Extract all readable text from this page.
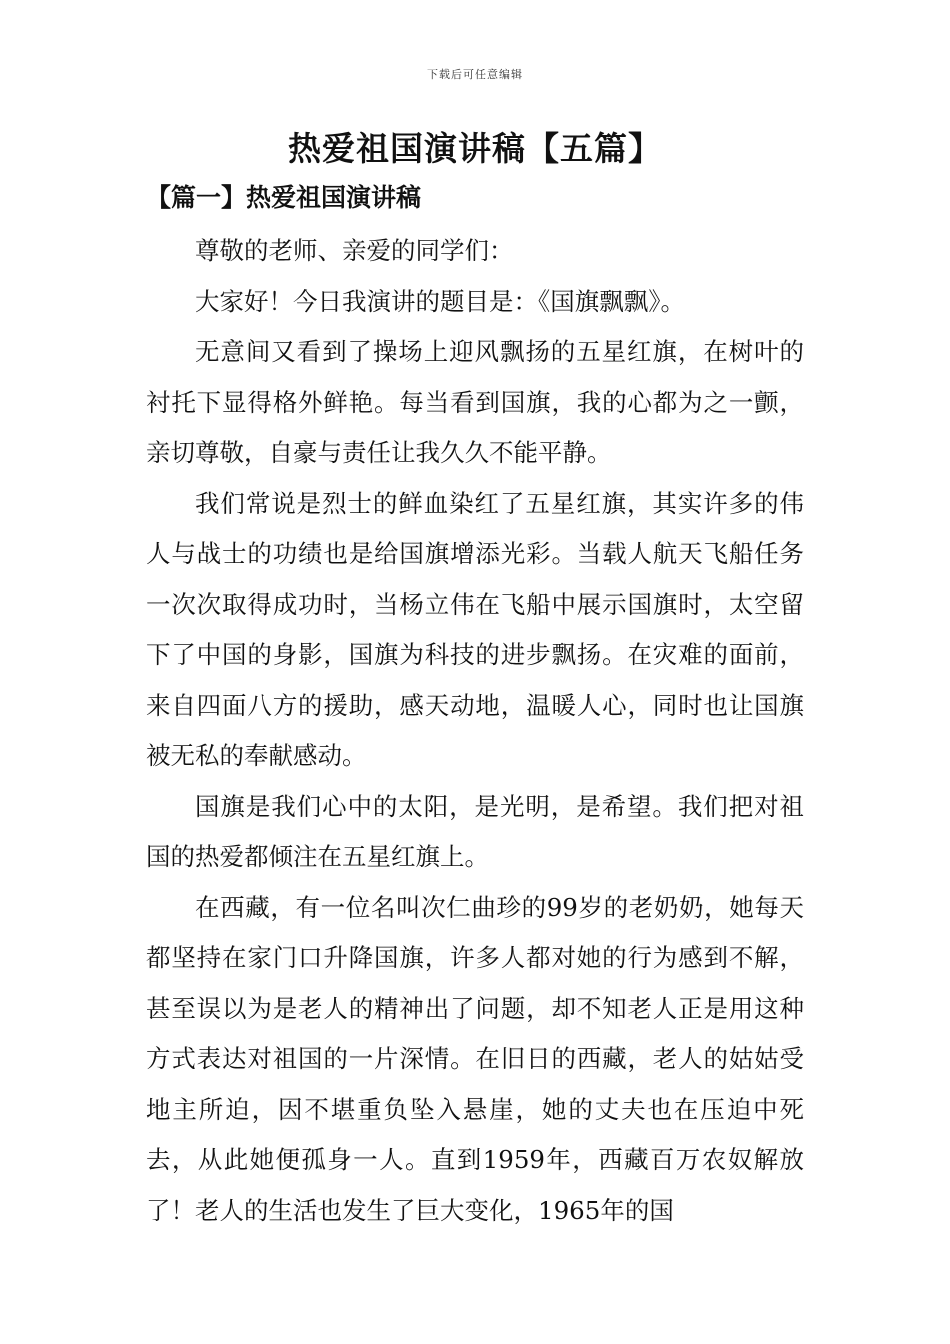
下载后可任意编辑
热爱祖国演讲稿【五篇】
【篇一】热爱祖国演讲稿

尊敬的老师、亲爱的同学们：

大家好！今日我演讲的题目是：《国旗飘飘》。

无意间又看到了操场上迎风飘扬的五星红旗，在树叶的衬托下显得格外鲜艳。每当看到国旗，我的心都为之一颤，亲切尊敬，自豪与责任让我久久不能平静。

我们常说是烈士的鲜血染红了五星红旗，其实许多的伟人与战士的功绩也是给国旗增添光彩。当载人航天飞船任务一次次取得成功时，当杨立伟在飞船中展示国旗时，太空留下了中国的身影，国旗为科技的进步飘扬。在灾难的面前，来自四面八方的援助，感天动地，温暖人心，同时也让国旗被无私的奉献感动。

国旗是我们心中的太阳，是光明，是希望。我们把对祖国的热爱都倾注在五星红旗上。

在西藏，有一位名叫次仁曲珍的99岁的老奶奶，她每天都坚持在家门口升降国旗，许多人都对她的行为感到不解，甚至误以为是老人的精神出了问题，却不知老人正是用这种方式表达对祖国的一片深情。在旧日的西藏，老人的姑姑受地主所迫，因不堪重负坠入悬崖，她的丈夫也在压迫中死去，从此她便孤身一人。直到1959年，西藏百万农奴解放了！老人的生活也发生了巨大变化，1965年的国
